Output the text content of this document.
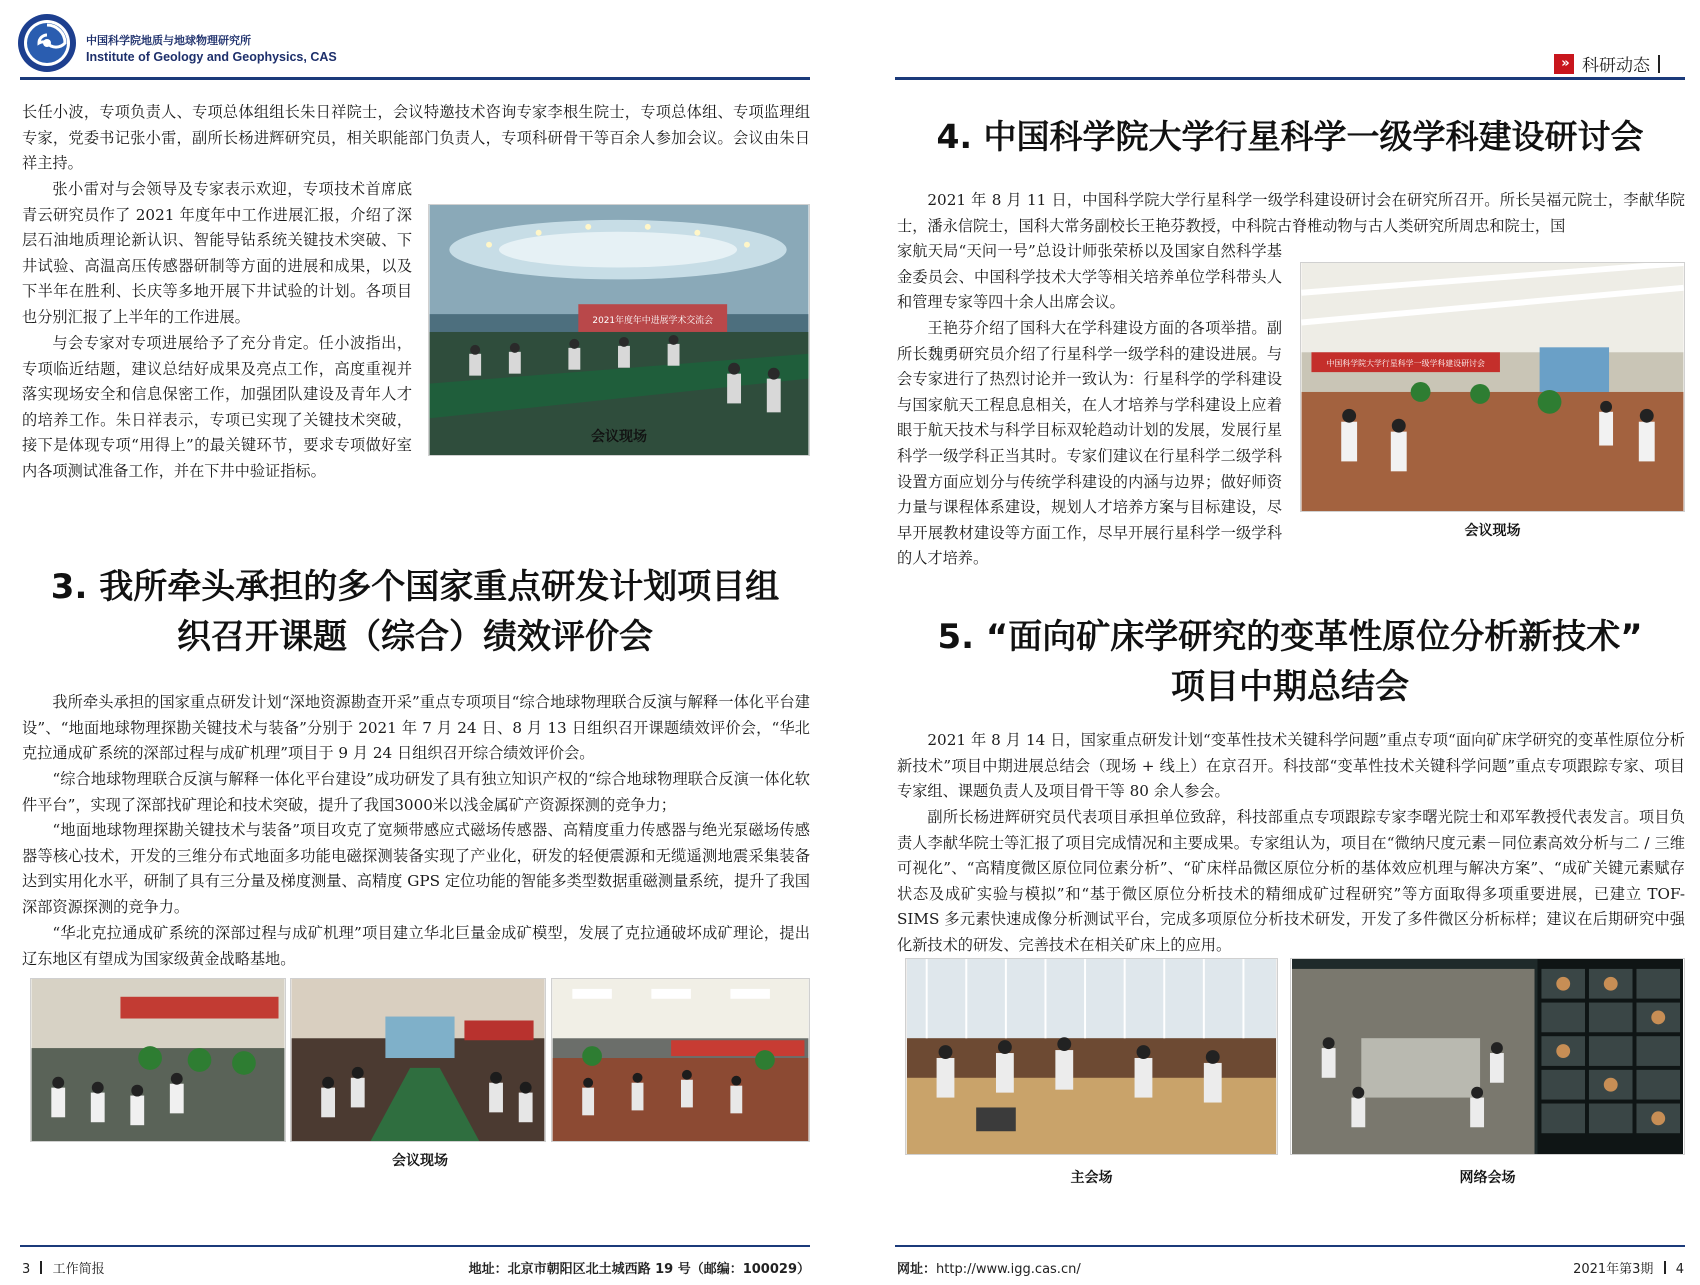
中国科学院地质与地球物理研究所
Institute of Geology and Geophysics, CAS

长任小波，专项负责人、专项总体组组长朱日祥院士，会议特邀技术咨询专家李根生院士，专项总体组、专项监理组专家，党委书记张小雷，副所长杨进辉研究员，相关职能部门负责人，专项科研骨干等百余人参加会议。会议由朱日祥主持。

张小雷对与会领导及专家表示欢迎，专项技术首席底青云研究员作了 2021 年度年中工作进展汇报，介绍了深层石油地质理论新认识、智能导钻系统关键技术突破、下井试验、高温高压传感器研制等方面的进展和成果，以及下半年在胜利、长庆等多地开展下井试验的计划。各项目也分别汇报了上半年的工作进展。

与会专家对专项进展给予了充分肯定。任小波指出，专项临近结题，建议总结好成果及亮点工作，高度重视并落实现场安全和信息保密工作，加强团队建设及青年人才的培养工作。朱日祥表示，专项已实现了关键技术突破，接下是体现专项“用得上”的最关键环节，要求专项做好室内各项测试准备工作，并在下井中验证指标。

2021年度年中进展学术交流会
会议现场
3. 我所牵头承担的多个国家重点研发计划项目组
织召开课题（综合）绩效评价会

我所牵头承担的国家重点研发计划“深地资源勘查开采”重点专项项目“综合地球物理联合反演与解释一体化平台建设”、“地面地球物理探勘关键技术与装备”分别于 2021 年 7 月 24 日、8 月 13 日组织召开课题绩效评价会，“华北克拉通成矿系统的深部过程与成矿机理”项目于 9 月 24 日组织召开综合绩效评价会。

“综合地球物理联合反演与解释一体化平台建设”成功研发了具有独立知识产权的“综合地球物理联合反演一体化软件平台”，实现了深部找矿理论和技术突破，提升了我国3000米以浅金属矿产资源探测的竞争力；

“地面地球物理探勘关键技术与装备”项目攻克了宽频带感应式磁场传感器、高精度重力传感器与绝光泵磁场传感器等核心技术，开发的三维分布式地面多功能电磁探测装备实现了产业化，研发的轻便震源和无缆遥测地震采集装备达到实用化水平，研制了具有三分量及梯度测量、高精度 GPS 定位功能的智能多类型数据重磁测量系统，提升了我国深部资源探测的竞争力。

“华北克拉通成矿系统的深部过程与成矿机理”项目建立华北巨量金成矿模型，发展了克拉通破坏成矿理论，提出辽东地区有望成为国家级黄金战略基地。

会议现场
3 工作简报	地址：北京市朝阳区北土城西路 19 号（邮编：100029）
» 科研动态
4. 中国科学院大学行星科学一级学科建设研讨会

2021 年 8 月 11 日，中国科学院大学行星科学一级学科建设研讨会在研究所召开。所长吴福元院士，李献华院士，潘永信院士，国科大常务副校长王艳芬教授，中科院古脊椎动物与古人类研究所周忠和院士，国

家航天局“天问一号”总设计师张荣桥以及国家自然科学基金委员会、中国科学技术大学等相关培养单位学科带头人和管理专家等四十余人出席会议。

王艳芬介绍了国科大在学科建设方面的各项举措。副所长魏勇研究员介绍了行星科学一级学科的建设进展。与会专家进行了热烈讨论并一致认为：行星科学的学科建设与国家航天工程息息相关，在人才培养与学科建设上应着眼于航天技术与科学目标双轮趋动计划的发展，发展行星科学一级学科正当其时。专家们建议在行星科学二级学科设置方面应划分与传统学科建设的内涵与边界；做好师资力量与课程体系建设，规划人才培养方案与目标建设，尽早开展教材建设等方面工作，尽早开展行星科学一级学科的人才培养。

中国科学院大学行星科学一级学科建设研讨会
会议现场
5. “面向矿床学研究的变革性原位分析新技术”
项目中期总结会

2021 年 8 月 14 日，国家重点研发计划“变革性技术关键科学问题”重点专项“面向矿床学研究的变革性原位分析新技术”项目中期进展总结会（现场 + 线上）在京召开。科技部“变革性技术关键科学问题”重点专项跟踪专家、项目专家组、课题负责人及项目骨干等 80 余人参会。

副所长杨进辉研究员代表项目承担单位致辞，科技部重点专项跟踪专家李曙光院士和邓军教授代表发言。项目负责人李献华院士等汇报了项目完成情况和主要成果。专家组认为，项目在“微纳尺度元素－同位素高效分析与二 / 三维可视化”、“高精度微区原位同位素分析”、“矿床样品微区原位分析的基体效应机理与解决方案”、“成矿关键元素赋存状态及成矿实验与模拟”和“基于微区原位分析技术的精细成矿过程研究”等方面取得多项重要进展，已建立 TOF-SIMS 多元素快速成像分析测试平台，完成多项原位分析技术研发，开发了多件微区分析标样；建议在后期研究中强化新技术的研发、完善技术在相关矿床上的应用。

主会场	网络会场
网址：http://www.igg.cas.cn/	2021年第3期 4
